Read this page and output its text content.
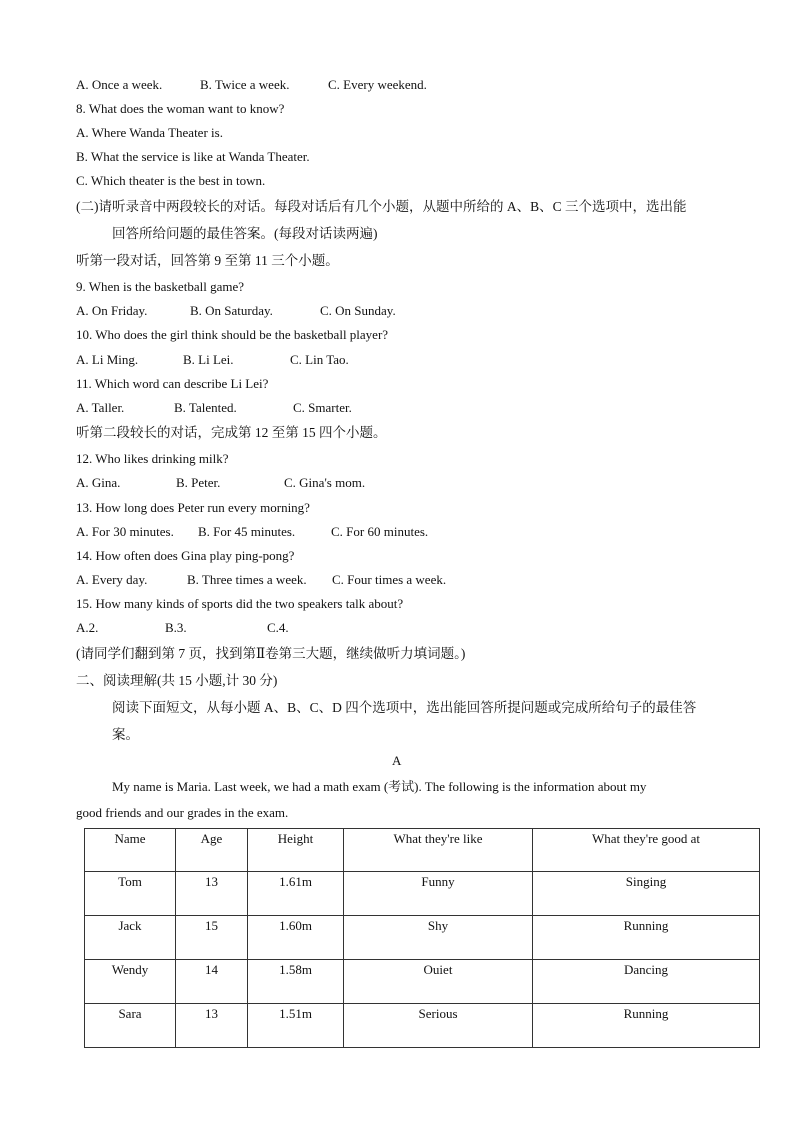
A. Once a week.	B. Twice a week.	C. Every weekend.
8. What does the woman want to know?
A. Where Wanda Theater is.
B. What the service is like at Wanda Theater.
C. Which theater is the best in town.
(二)请听录音中两段较长的对话。每段对话后有几个小题，从题中所给的 A、B、C 三个选项中，选出能
回答所给问题的最佳答案。(每段对话读两遍)
听第一段对话，回答第 9 至第 11 三个小题。
9. When is the basketball game?
A. On Friday.	B. On Saturday.	C. On Sunday.
10. Who does the girl think should be the basketball player?
A. Li Ming.	B. Li Lei.	C. Lin Tao.
11. Which word can describe Li Lei?
A. Taller.	B. Talented.	C. Smarter.
听第二段较长的对话，完成第 12 至第 15 四个小题。
12. Who likes drinking milk?
A. Gina.	B. Peter.	C. Gina's mom.
13. How long does Peter run every morning?
A. For 30 minutes. B. For 45 minutes.	C. For 60 minutes.
14. How often does Gina play ping-pong?
A. Every day.	B. Three times a week. C. Four times a week.
15. How many kinds of sports did the two speakers talk about?
A.2.	B.3.	C.4.
(请同学们翻到第 7 页，找到第Ⅱ卷第三大题，继续做听力填词题。)
二、阅读理解(共 15 小题,计 30 分)
阅读下面短文，从每小题 A、B、C、D 四个选项中，选出能回答所提问题或完成所给句子的最佳答
案。
A
My name is Maria. Last week, we had a math exam (考试). The following is the information about my
good friends and our grades in the exam.
Name	Age	Height	What they're like	What they're good at
Tom	13	1.61m	Funny	Singing
Jack	15	1.60m	Shy	Running
Wendy	14	1.58m	Ouiet	Dancing
Sara	13	1.51m	Serious	Running
